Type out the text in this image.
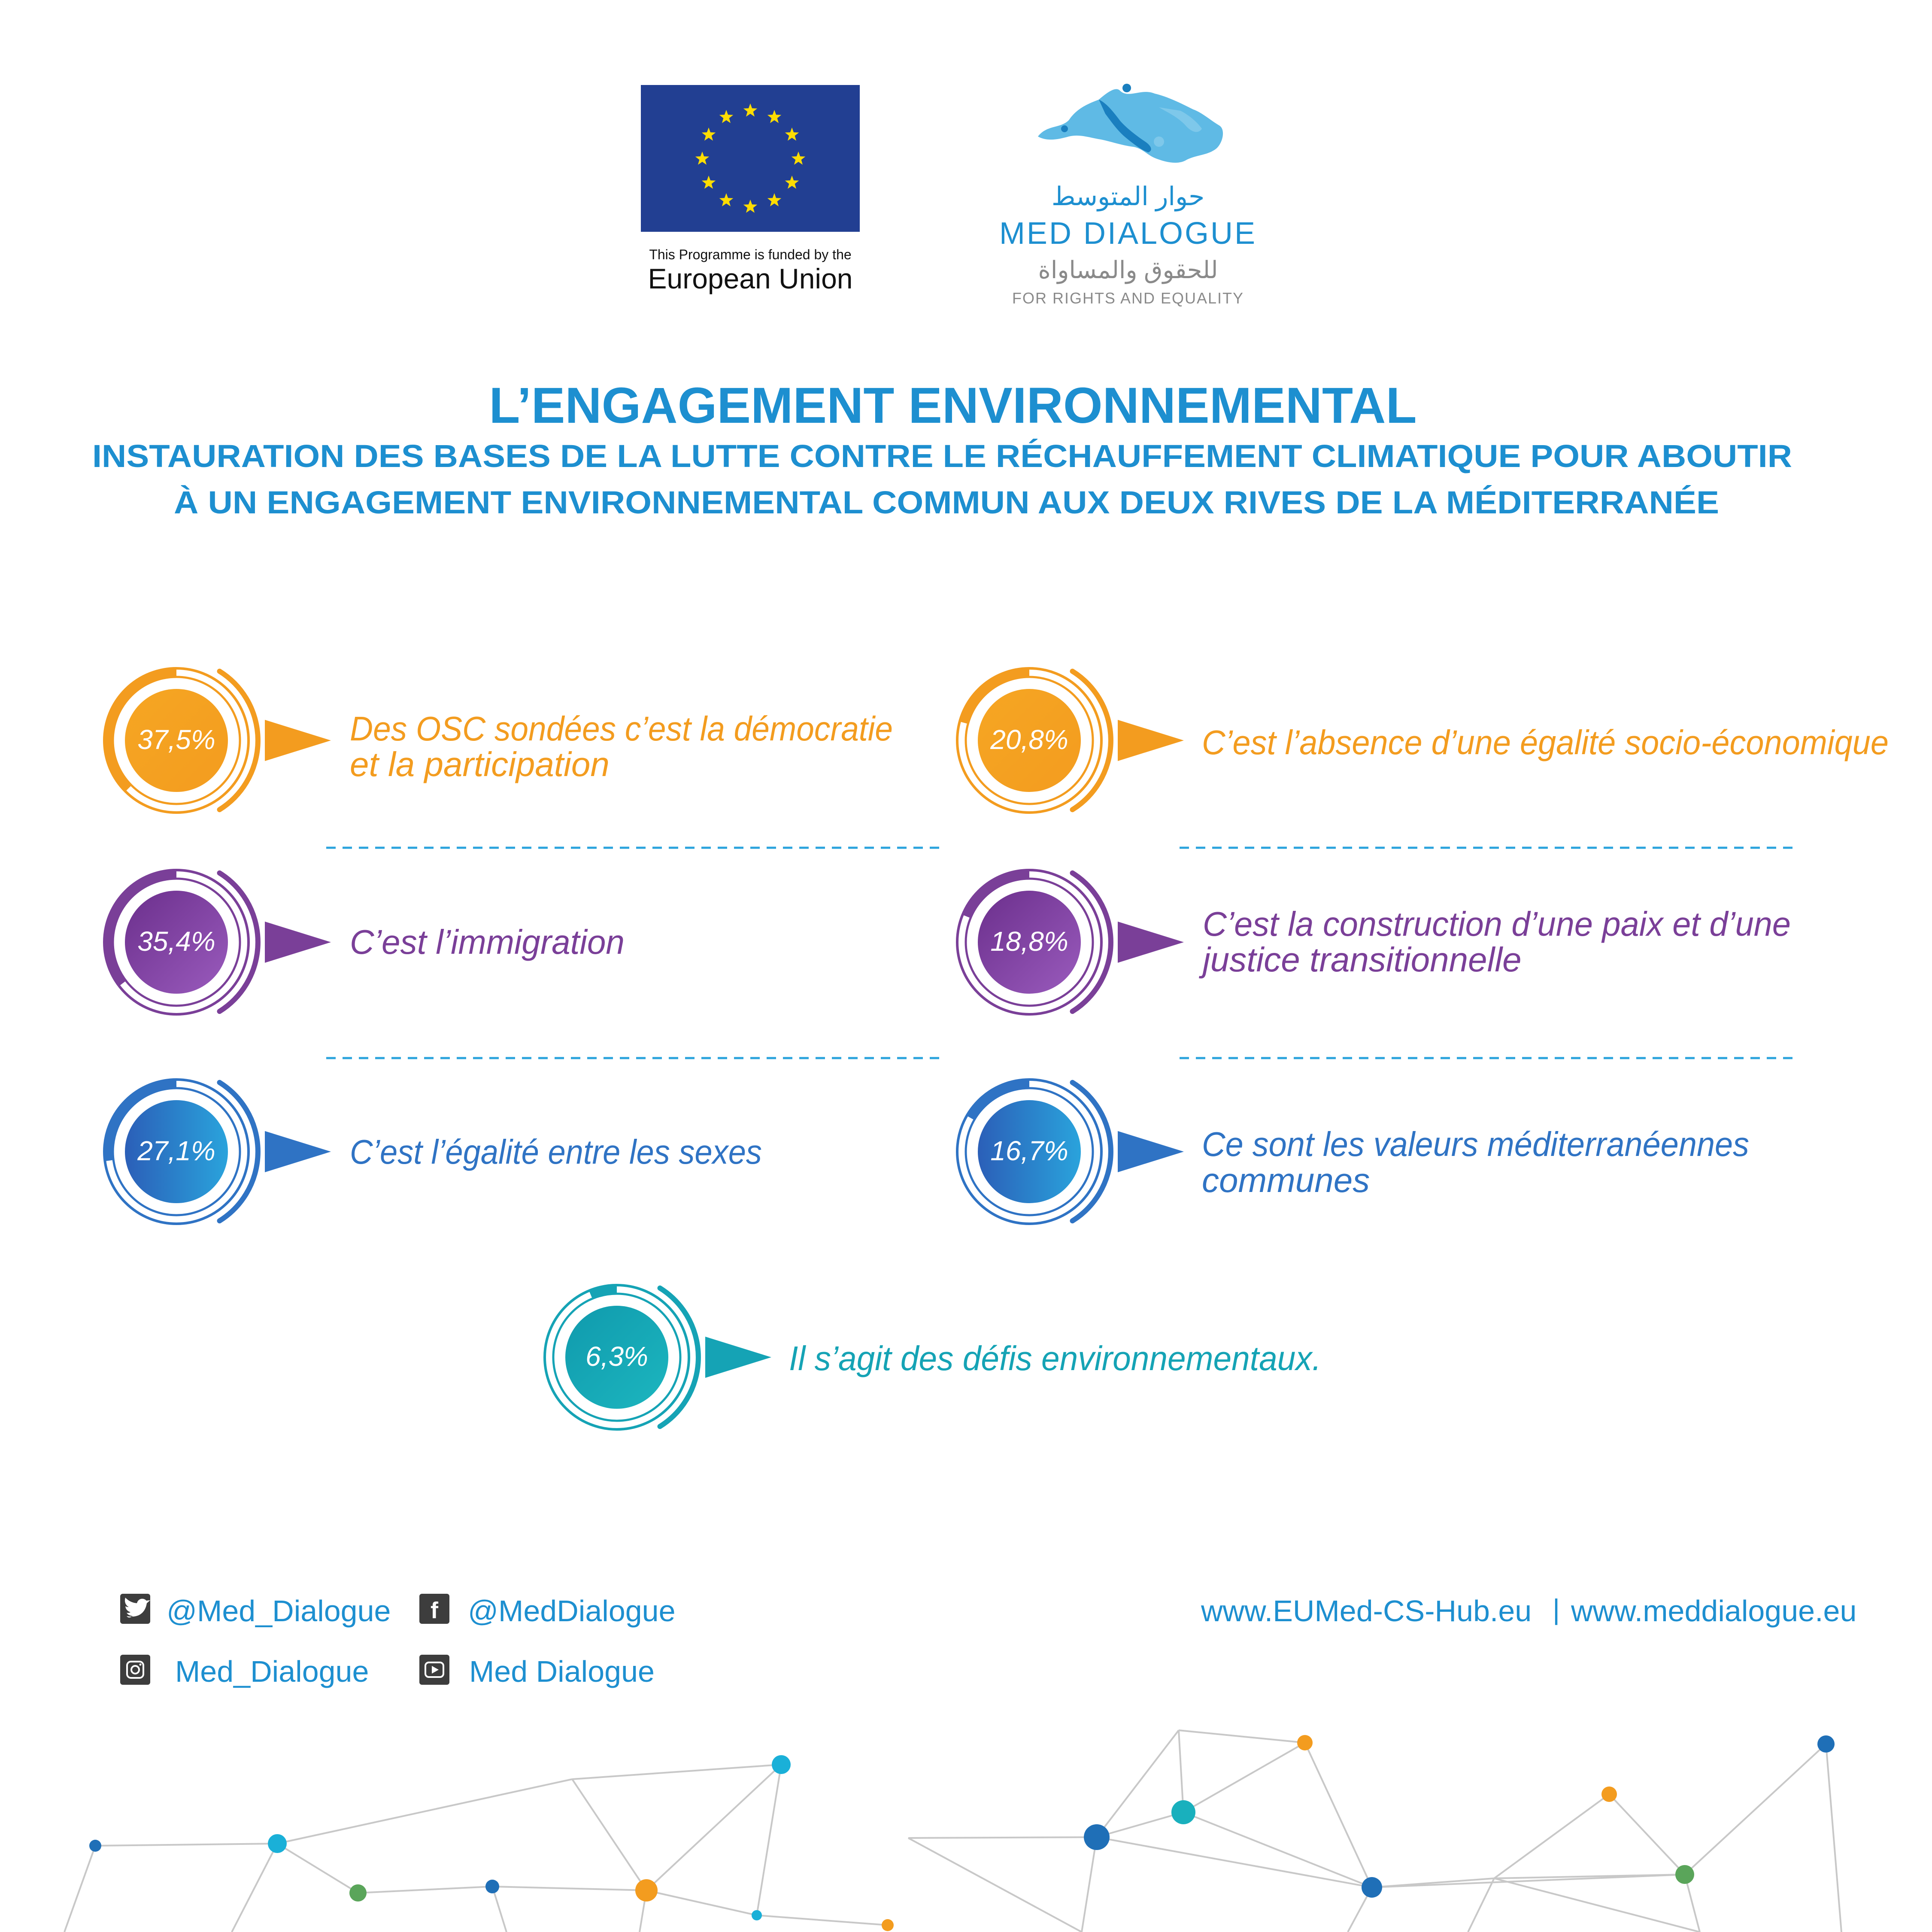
This Programme is funded by the
European Union
حوار المتوسط
MED DIALOGUE
للحقوق والمساواة
FOR RIGHTS AND EQUALITY
L’ENGAGEMENT ENVIRONNEMENTAL
INSTAURATION DES BASES DE LA LUTTE CONTRE LE RÉCHAUFFEMENT CLIMATIQUE POUR ABOUTIR
À UN ENGAGEMENT ENVIRONNEMENTAL COMMUN AUX DEUX RIVES DE LA MÉDITERRANÉE
37,5%	Des OSC sondées c’est la démocratie
et la participation
20,8%	C’est l’absence d’une égalité socio-économique
35,4%	C’est l’immigration	18,8%	C’est la construction d’une paix et d’une
justice transitionnelle
27,1%	C’est l’égalité entre les sexes	16,7%	Ce sont les valeurs méditerranéennes
communes
6,3%	Il s’agit des défis environnementaux.
@Med_Dialogue f @MedDialogue
Med_Dialogue	Med Dialogue
www.EUMed-CS-Hub.eu | www.meddialogue.eu
